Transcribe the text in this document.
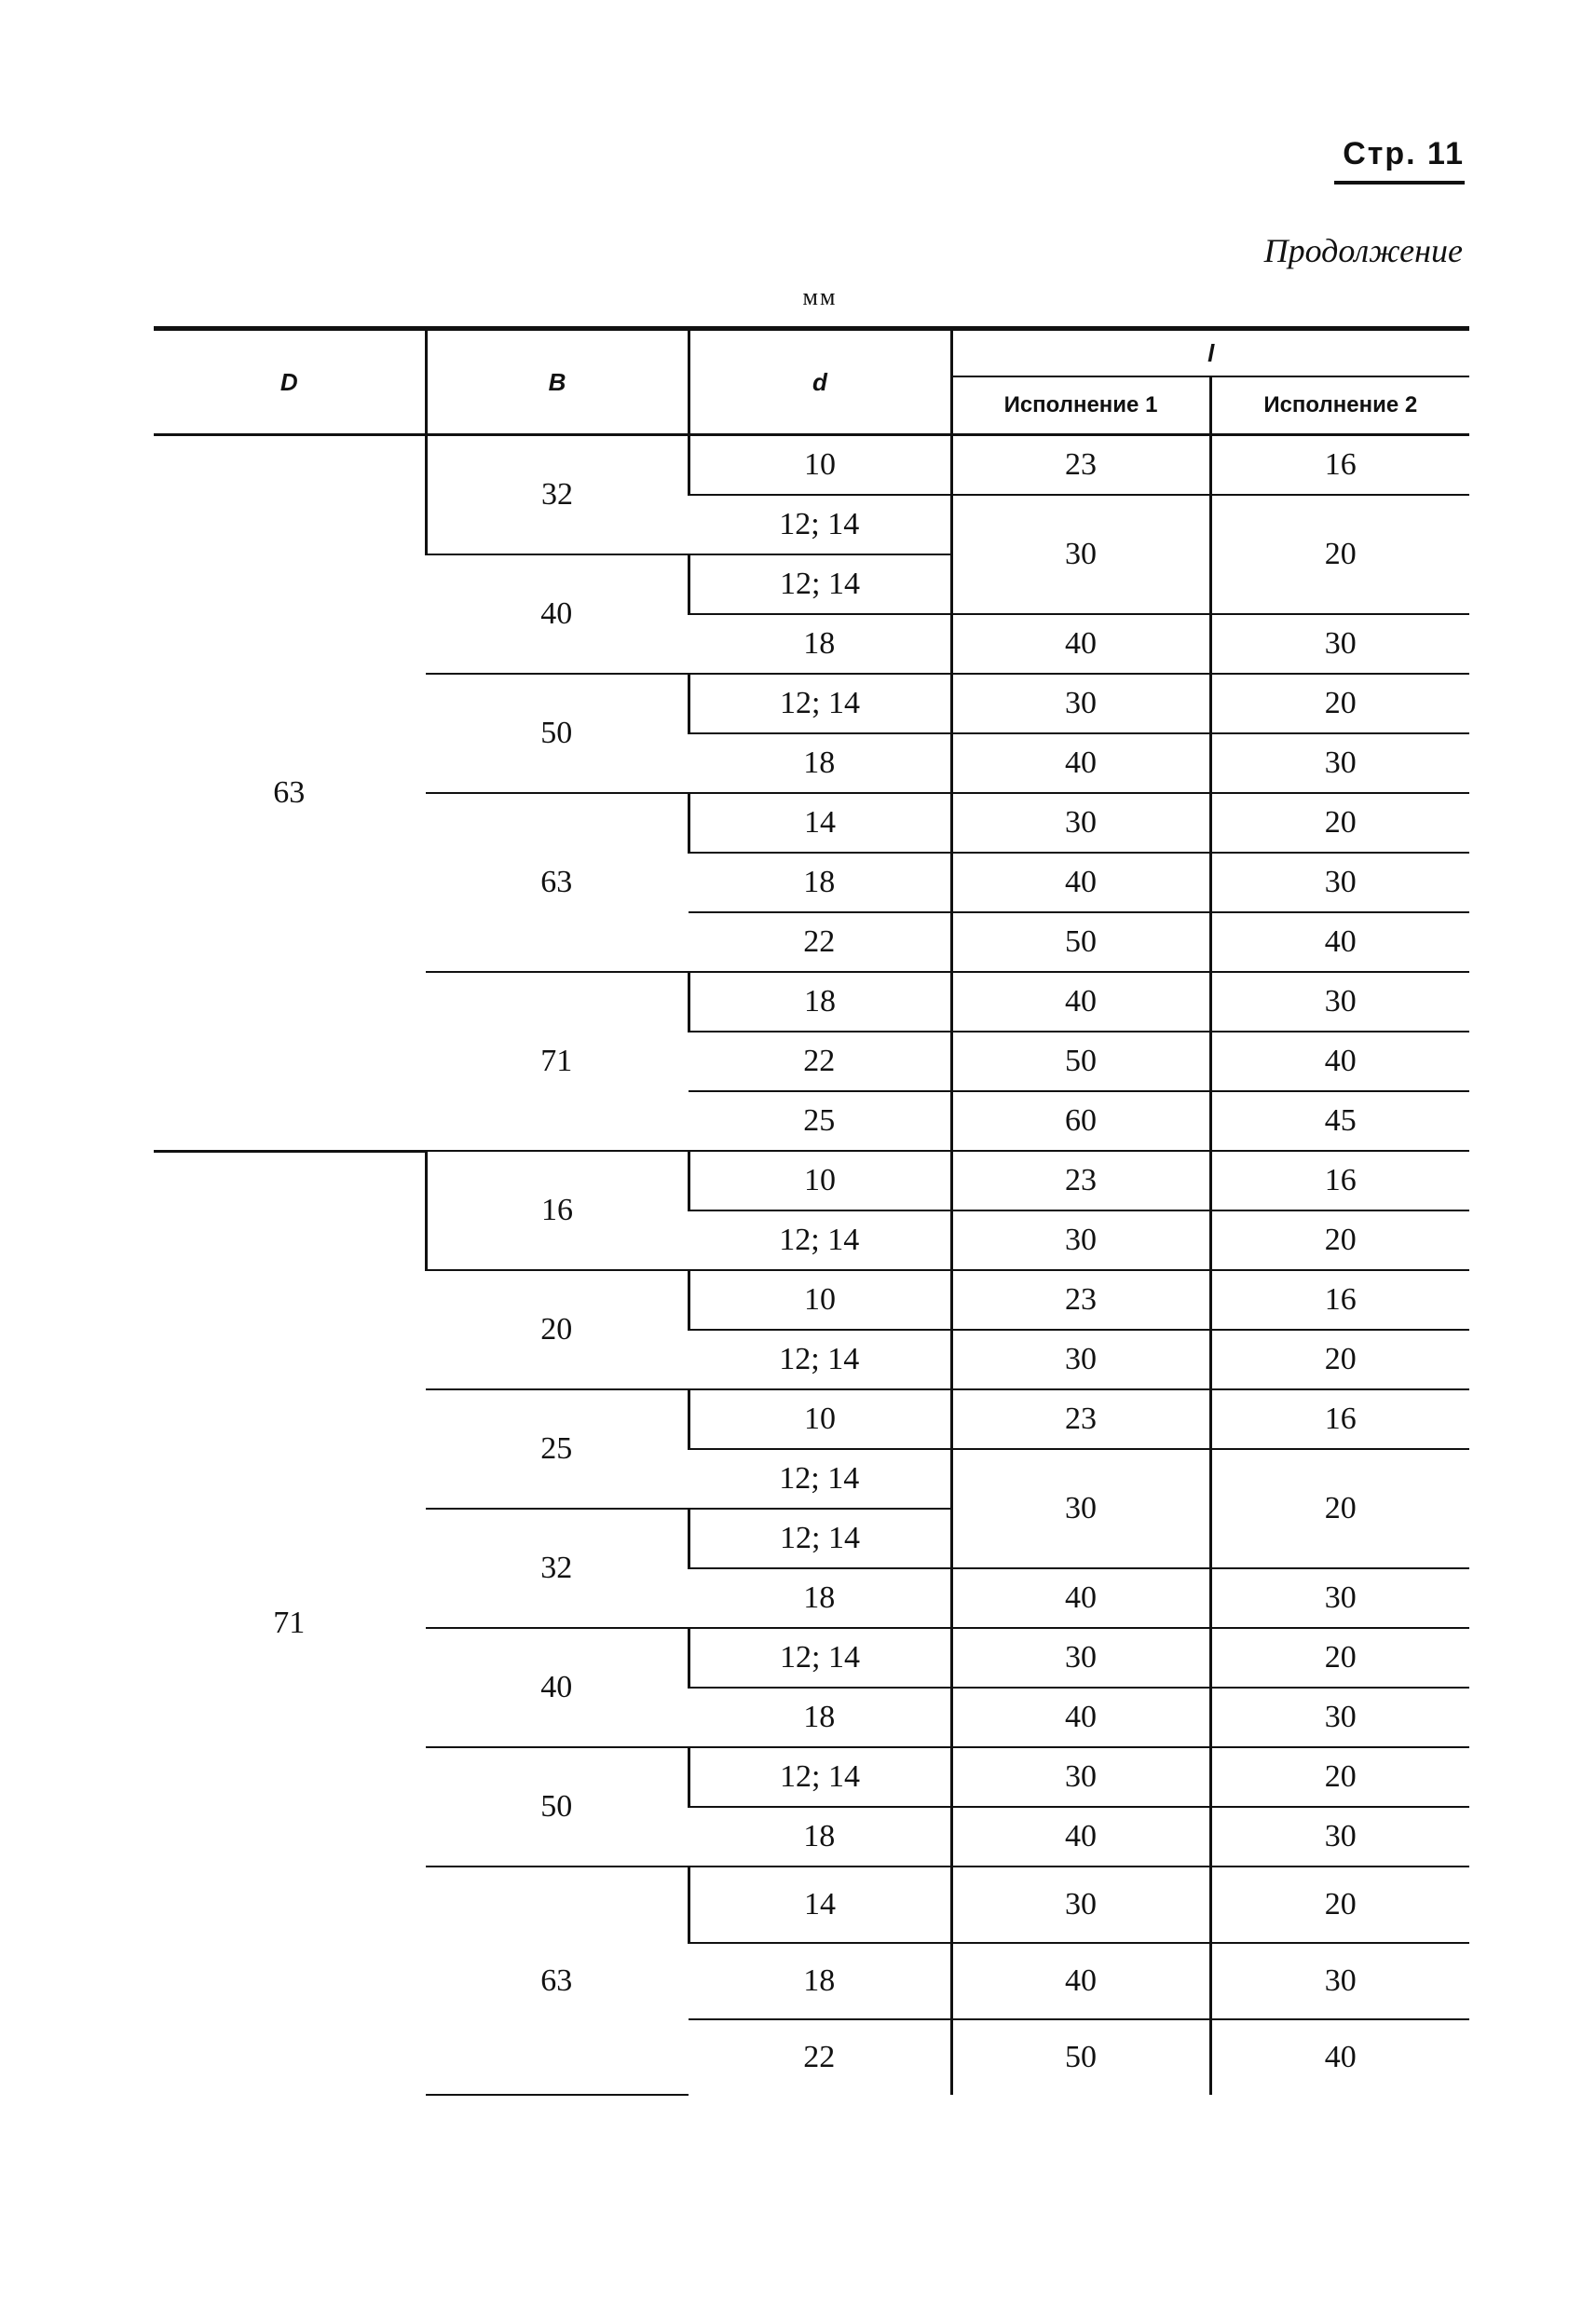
Стр. 11
Продолжение
мм
D	B	d	l	
			Исполнение 1	Исполнение 2
63	32	10	23	16
		12; 14	30	20
	40	12; 14		
		18	40	30
	50	12; 14	30	20
		18	40	30
	63	14	30	20
		18	40	30
		22	50	40
	71	18	40	30
		22	50	40
		25	60	45
71	16	10	23	16
		12; 14	30	20
	20	10	23	16
		12; 14	30	20
	25	10	23	16
		12; 14	30	20
	32	12; 14		
		18	40	30
	40	12; 14	30	20
		18	40	30
	50	12; 14	30	20
		18	40	30
	63	14	30	20
		18	40	30
		22	50	40
